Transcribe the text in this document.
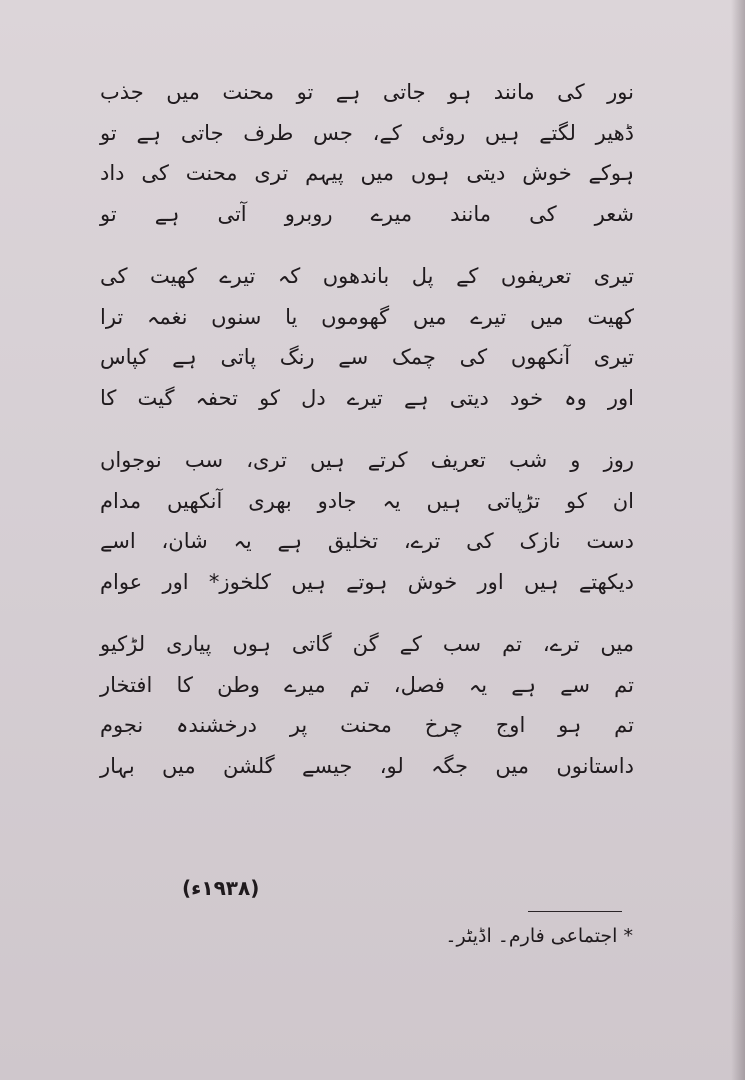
نور کی مانند ہو جاتی ہے تو محنت میں جذب
ڈھیر لگتے ہیں روئی کے، جس طرف جاتی ہے تو
ہوکے خوش دیتی ہوں میں پیہم تری محنت کی داد
شعر کی مانند میرے روبرو آتی ہے تو
تیری تعریفوں کے پل باندھوں کہ تیرے کھیت کی
کھیت میں تیرے میں گھوموں یا سنوں نغمہ ترا
تیری آنکھوں کی چمک سے رنگ پاتی ہے کپاس
اور وہ خود دیتی ہے تیرے دل کو تحفہ گیت کا
روز و شب تعریف کرتے ہیں تری، سب نوجواں
ان کو تڑپاتی ہیں یہ جادو بھری آنکھیں مدام
دست نازک کی ترے، تخلیق ہے یہ شان، اسے
دیکھتے ہیں اور خوش ہوتے ہیں کلخوز* اور عوام
میں ترے، تم سب کے گن گاتی ہوں پیاری لڑکیو
تم سے ہے یہ فصل، تم میرے وطن کا افتخار
تم ہو اوج چرخ محنت پر درخشندہ نجوم
داستانوں میں جگہ لو، جیسے گلشن میں بہار
(۱۹۳۸ء)
* اجتماعی فارم۔ اڈیٹر۔
